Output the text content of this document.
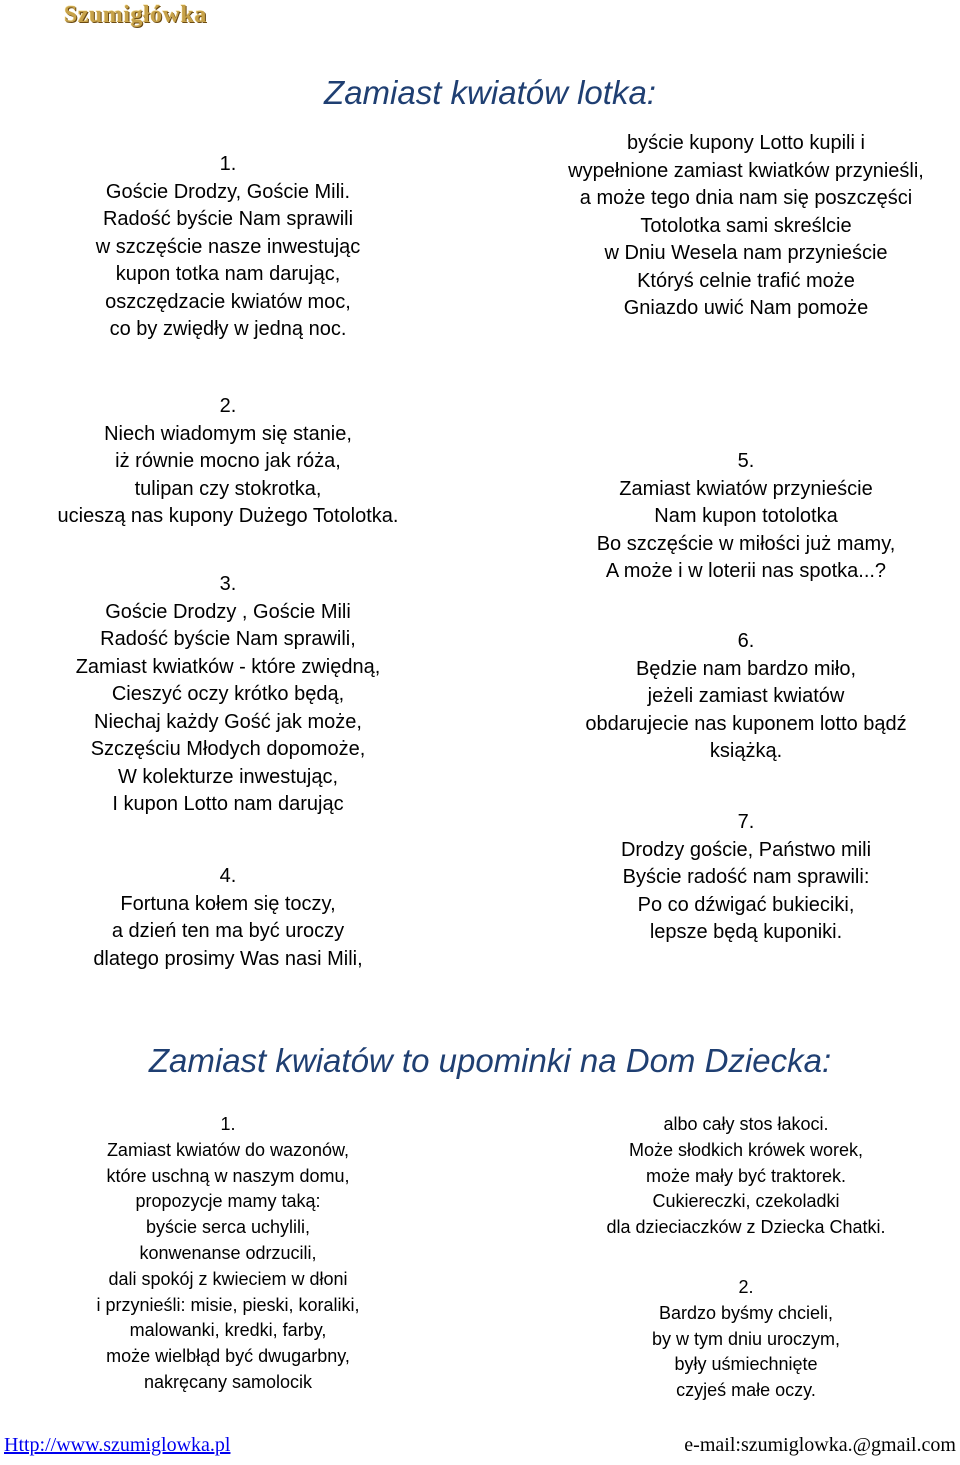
Szumigłówka
Zamiast kwiatów lotka:
1.
Goście Drodzy, Goście Mili.
Radość byście Nam sprawili
w szczęście nasze inwestując
kupon totka nam darując,
oszczędzacie kwiatów moc,
co by zwiędły w jedną noc.
2.
Niech wiadomym się stanie,
iż równie mocno jak róża,
tulipan czy stokrotka,
ucieszą nas kupony Dużego Totolotka.
3.
Goście Drodzy , Goście Mili
Radość byście Nam sprawili,
Zamiast kwiatków - które zwiędną,
Cieszyć oczy krótko będą,
Niechaj każdy Gość jak może,
Szczęściu Młodych dopomoże,
W kolekturze inwestując,
I kupon Lotto nam darując
4.
Fortuna kołem się toczy,
a dzień ten ma być uroczy
dlatego prosimy Was nasi Mili,
byście kupony Lotto kupili i
wypełnione zamiast kwiatków przynieśli,
a może tego dnia nam się poszczęści
Totolotka sami skreślcie
w Dniu Wesela nam przynieście
Któryś celnie trafić może
Gniazdo uwić Nam pomoże
5.
Zamiast kwiatów przynieście
Nam kupon totolotka
Bo szczęście w miłości już mamy,
A może i w loterii nas spotka...?
6.
Będzie nam bardzo miło,
jeżeli zamiast kwiatów
obdarujecie nas kuponem lotto bądź
książką.
7.
Drodzy goście, Państwo mili
Byście radość nam sprawili:
Po co dźwigać bukieciki,
lepsze będą kuponiki.
Zamiast kwiatów to upominki na Dom Dziecka:
1.
Zamiast kwiatów do wazonów,
które uschną w naszym domu,
propozycje mamy taką:
byście serca uchylili,
konwenanse odrzucili,
dali spokój z kwieciem w dłoni
i przynieśli: misie, pieski, koraliki,
malowanki, kredki, farby,
może wielbłąd być dwugarbny,
nakręcany samolocik
albo cały stos łakoci.
Może słodkich krówek worek,
może mały być traktorek.
Cukiereczki, czekoladki
dla dzieciaczków z Dziecka Chatki.
2.
Bardzo byśmy chcieli,
by w tym dniu uroczym,
były uśmiechnięte
czyjeś małe oczy.
Http://www.szumiglowka.pl	e-mail:szumiglowka.@gmail.com
